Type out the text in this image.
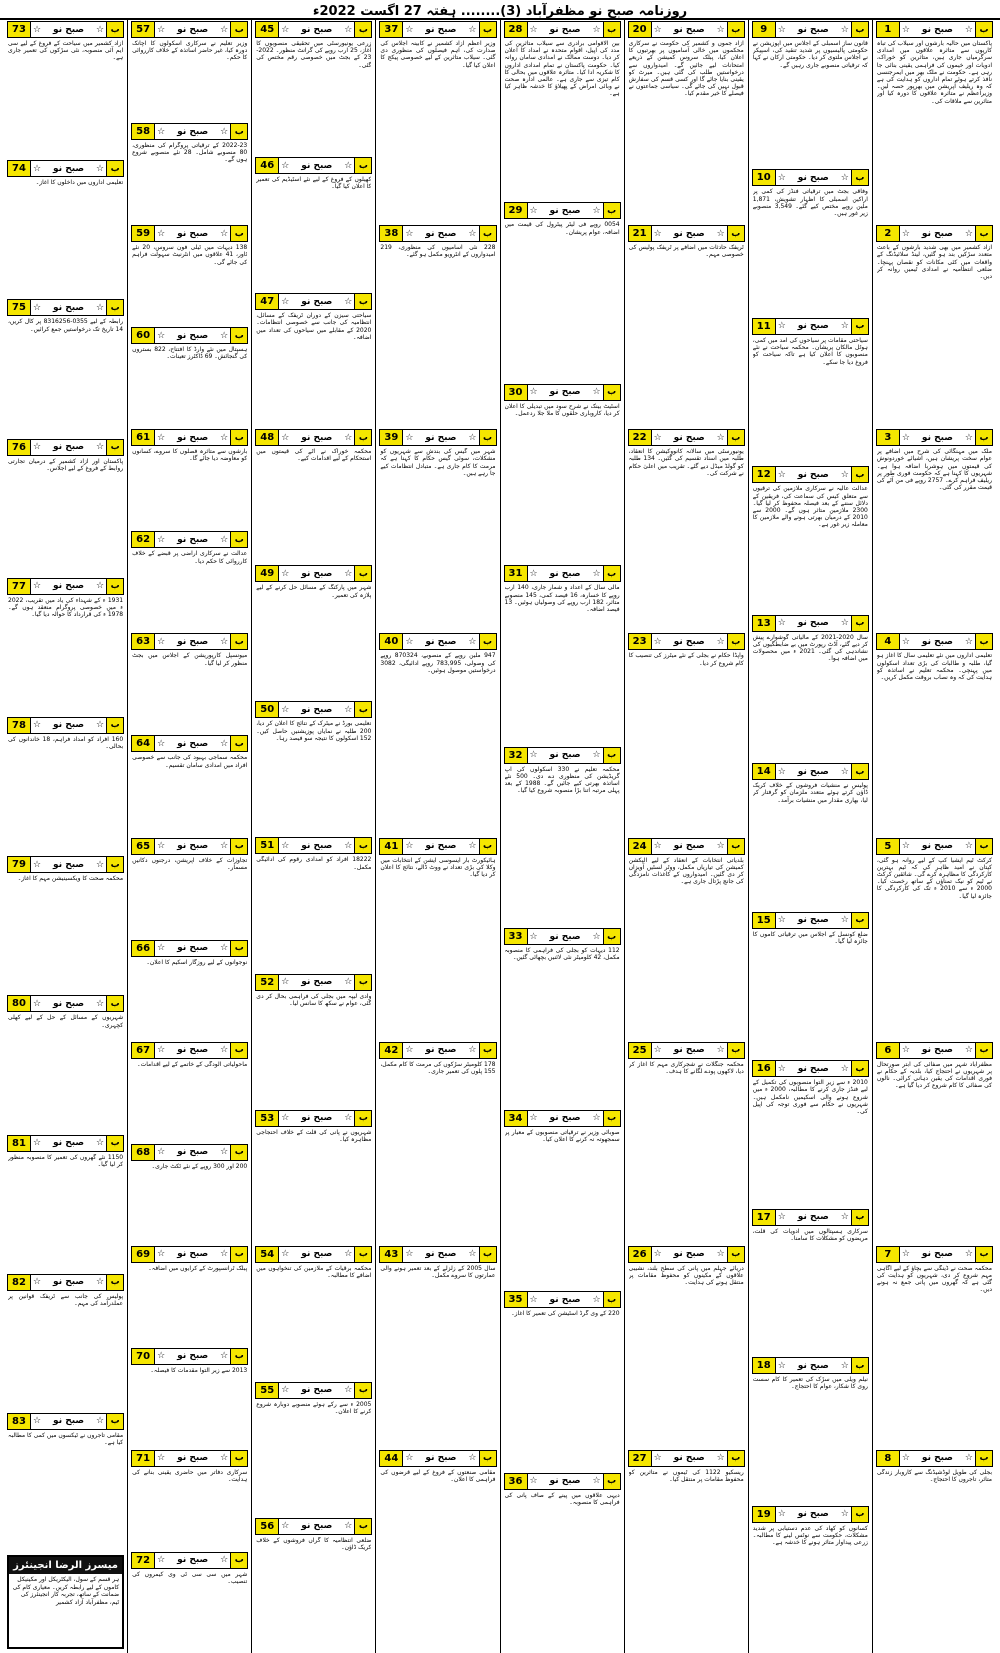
روزنامہ صبح نو مظفرآباد (3)........ ہفتہ 27 اگست 2022ء
1	☆	صبح نو	☆ ب
پاکستان میں حالیہ بارشوں اور سیلاب کی تباہ کاریوں سے متاثرہ علاقوں میں امدادی سرگرمیاں جاری ہیں، متاثرین کو خوراک، ادویات اور خیموں کی فراہمی یقینی بنائی جا رہی ہے۔ حکومت نے ملک بھر میں ایمرجنسی نافذ کرتے ہوئے تمام اداروں کو ہدایت کی ہے کہ وہ ریلیف آپریشن میں بھرپور حصہ لیں۔ وزیراعظم نے متاثرہ علاقوں کا دورہ کیا اور متاثرین سے ملاقات کی۔
2	☆	صبح نو	☆ ب
آزاد کشمیر میں بھی شدید بارشوں کے باعث متعدد سڑکیں بند ہو گئیں، لینڈ سلائیڈنگ کے واقعات میں کئی مکانات کو نقصان پہنچا۔ ضلعی انتظامیہ نے امدادی ٹیمیں روانہ کر دیں۔
3	☆	صبح نو	☆ ب
ملک میں مہنگائی کی شرح میں اضافے پر عوام سخت پریشان ہیں، اشیائے خوردونوش کی قیمتوں میں ہوشربا اضافہ ہوا ہے۔ شہریوں کا کہنا ہے کہ حکومت فوری طور پر ریلیف فراہم کرے۔ 2757 روپے فی من آٹے کی قیمت مقرر کی گئی۔
4	☆	صبح نو	☆ ب
تعلیمی اداروں میں نئے تعلیمی سال کا آغاز ہو گیا، طلبہ و طالبات کی بڑی تعداد اسکولوں میں پہنچی۔ محکمہ تعلیم نے اساتذہ کو ہدایت کی کہ وہ نصاب بروقت مکمل کریں۔
5	☆	صبح نو	☆ ب
کرکٹ ٹیم ایشیا کپ کے لیے روانہ ہو گئی، کپتان نے امید ظاہر کی کہ ٹیم بہترین کارکردگی کا مظاہرہ کرے گی۔ شائقین کرکٹ نے ٹیم کو نیک تمناؤں کے ساتھ رخصت کیا۔ 2000 ء سے 2010 ء تک کی کارکردگی کا جائزہ لیا گیا۔
6	☆	صبح نو	☆ ب
مظفرآباد شہر میں صفائی کی ابتر صورتحال پر شہریوں نے احتجاج کیا، بلدیہ کے حکام نے فوری اقدامات کی یقین دہانی کرائی۔ نالوں کی صفائی کا کام شروع کر دیا گیا ہے۔
7	☆	صبح نو	☆ ب
محکمہ صحت نے ڈینگی سے بچاؤ کے لیے آگاہی مہم شروع کر دی، شہریوں کو ہدایت کی گئی ہے کہ گھروں میں پانی جمع نہ ہونے دیں۔
8	☆	صبح نو	☆ ب
بجلی کی طویل لوڈشیڈنگ سے کاروبار زندگی متاثر، تاجروں کا احتجاج۔
9	☆	صبح نو	☆ ب
قانون ساز اسمبلی کے اجلاس میں اپوزیشن نے حکومتی پالیسیوں پر شدید تنقید کی، اسپیکر نے اجلاس ملتوی کر دیا۔ حکومتی ارکان نے کہا کہ ترقیاتی منصوبے جاری رہیں گے۔
10 ☆	صبح نو	☆ ب
وفاقی بجٹ میں ترقیاتی فنڈز کی کمی پر اراکین اسمبلی کا اظہار تشویش، 1,871 ملین روپے مختص کیے گئے۔ 3,549 منصوبے زیر غور ہیں۔
11 ☆	صبح نو	☆ ب
سیاحتی مقامات پر سیاحوں کی آمد میں کمی، ہوٹل مالکان پریشان۔ محکمہ سیاحت نے نئے منصوبوں کا اعلان کیا ہے تاکہ سیاحت کو فروغ دیا جا سکے۔
12 ☆	صبح نو	☆ ب
عدالت عالیہ نے سرکاری ملازمین کی ترقیوں سے متعلق کیس کی سماعت کی، فریقین کے دلائل سننے کے بعد فیصلہ محفوظ کر لیا گیا۔ 2300 ملازمین متاثر ہوں گے۔ 2000 سے 2010 کے درمیان بھرتی ہونے والے ملازمین کا معاملہ زیر غور ہے۔
13 ☆	صبح نو	☆ ب
سال 2020-2021 کے مالیاتی گوشوارے پیش کر دیے گئے، آڈٹ رپورٹ میں بے ضابطگیوں کی نشاندہی کی گئی۔ 2021 ء میں محصولات میں اضافہ ہوا۔
14 ☆	صبح نو	☆ ب
پولیس نے منشیات فروشوں کے خلاف کریک ڈاؤن کرتے ہوئے متعدد ملزمان کو گرفتار کر لیا، بھاری مقدار میں منشیات برآمد۔
15 ☆	صبح نو	☆ ب
ضلع کونسل کے اجلاس میں ترقیاتی کاموں کا جائزہ لیا گیا۔
16 ☆	صبح نو	☆ ب
2010 ء سے زیر التوا منصوبوں کی تکمیل کے لیے فنڈز جاری کرنے کا مطالبہ، 2000 ء میں شروع ہونے والی اسکیمیں نامکمل ہیں۔ شہریوں نے حکام سے فوری توجہ کی اپیل کی۔
17 ☆	صبح نو	☆ ب
سرکاری ہسپتالوں میں ادویات کی قلت، مریضوں کو مشکلات کا سامنا۔
18 ☆	صبح نو	☆ ب
نیلم ویلی میں سڑک کی تعمیر کا کام سست روی کا شکار، عوام کا احتجاج۔
19 ☆	صبح نو	☆ ب
کسانوں کو کھاد کی عدم دستیابی پر شدید مشکلات، حکومت سے نوٹس لینے کا مطالبہ۔ زرعی پیداوار متاثر ہونے کا خدشہ ہے۔
20 ☆	صبح نو	☆ ب
آزاد جموں و کشمیر کی حکومت نے سرکاری محکموں میں خالی آسامیوں پر بھرتیوں کا اعلان کیا، پبلک سروس کمیشن کے ذریعے امتحانات لیے جائیں گے۔ امیدواروں سے درخواستیں طلب کی گئی ہیں۔ میرٹ کو یقینی بنایا جائے گا اور کسی قسم کی سفارش قبول نہیں کی جائے گی۔ سیاسی جماعتوں نے فیصلے کا خیر مقدم کیا۔
21 ☆	صبح نو	☆ ب
ٹریفک حادثات میں اضافے پر ٹریفک پولیس کی خصوصی مہم۔
22 ☆	صبح نو	☆ ب
یونیورسٹی میں سالانہ کانووکیشن کا انعقاد، طلبہ میں اسناد تقسیم کی گئیں۔ 134 طلبہ کو گولڈ میڈل دیے گئے۔ تقریب میں اعلیٰ حکام نے شرکت کی۔
23 ☆	صبح نو	☆ ب
واپڈا حکام نے بجلی کے نئے میٹرز کی تنصیب کا کام شروع کر دیا۔
24 ☆	صبح نو	☆ ب
بلدیاتی انتخابات کے انعقاد کے لیے الیکشن کمیشن کی تیاریاں مکمل، ووٹر لسٹیں آویزاں کر دی گئیں۔ امیدواروں کے کاغذات نامزدگی کی جانچ پڑتال جاری ہے۔
25 ☆	صبح نو	☆ ب
محکمہ جنگلات نے شجرکاری مہم کا آغاز کر دیا، لاکھوں پودے لگانے کا ہدف۔
26 ☆	صبح نو	☆ ب
دریائے جہلم میں پانی کی سطح بلند، نشیبی علاقوں کے مکینوں کو محفوظ مقامات پر منتقل ہونے کی ہدایت۔
27 ☆	صبح نو	☆ ب
ریسکیو 1122 کی ٹیموں نے متاثرین کو محفوظ مقامات پر منتقل کیا۔
28 ☆	صبح نو	☆ ب
بین الاقوامی برادری سے سیلاب متاثرین کی مدد کی اپیل، اقوام متحدہ نے امداد کا اعلان کر دیا۔ دوست ممالک نے امدادی سامان روانہ کیا۔ حکومت پاکستان نے تمام امدادی اداروں کا شکریہ ادا کیا۔ متاثرہ علاقوں میں بحالی کا کام تیزی سے جاری ہے۔ عالمی ادارہ صحت نے وبائی امراض کے پھیلاؤ کا خدشہ ظاہر کیا ہے۔
29 ☆	صبح نو	☆ ب
0054 روپے فی لیٹر پیٹرول کی قیمت میں اضافہ، عوام پریشان۔
30 ☆	صبح نو	☆ ب
اسٹیٹ بینک نے شرح سود میں تبدیلی کا اعلان کر دیا، کاروباری حلقوں کا ملا جلا ردعمل۔
31 ☆	صبح نو	☆ ب
مالی سال کے اعداد و شمار جاری، 140 ارب روپے کا خسارہ، 16 فیصد کمی، 145 منصوبے متاثر، 182 ارب روپے کی وصولیاں ہوئیں۔ 13 فیصد اضافہ۔
32 ☆	صبح نو	☆ ب
محکمہ تعلیم نے 330 اسکولوں کی اپ گریڈیشن کی منظوری دے دی۔ 500 نئے اساتذہ بھرتی کیے جائیں گے۔ 1988 کے بعد پہلی مرتبہ اتنا بڑا منصوبہ شروع کیا گیا۔
33 ☆	صبح نو	☆ ب
112 دیہات کو بجلی کی فراہمی کا منصوبہ مکمل، 42 کلومیٹر نئی لائنیں بچھائی گئیں۔
34 ☆	صبح نو	☆ ب
صوبائی وزیر نے ترقیاتی منصوبوں کے معیار پر سمجھوتہ نہ کرنے کا اعلان کیا۔
35 ☆	صبح نو	☆ ب
220 کے وی گرڈ اسٹیشن کی تعمیر کا آغاز۔
36 ☆	صبح نو	☆ ب
دیہی علاقوں میں پینے کے صاف پانی کی فراہمی کا منصوبہ۔
37 ☆	صبح نو	☆ ب
وزیر اعظم آزاد کشمیر نے کابینہ اجلاس کی صدارت کی، اہم فیصلوں کی منظوری دی گئی۔ سیلاب متاثرین کے لیے خصوصی پیکج کا اعلان کیا گیا۔
38 ☆	صبح نو	☆ ب
228 نئی آسامیوں کی منظوری، 219 امیدواروں کے انٹرویو مکمل ہو گئے۔
39 ☆	صبح نو	☆ ب
شہر میں گیس کی بندش سے شہریوں کو مشکلات، سوئی گیس حکام کا کہنا ہے کہ مرمت کا کام جاری ہے۔ متبادل انتظامات کیے جا رہے ہیں۔
40 ☆	صبح نو	☆ ب
947 ملین روپے کے منصوبے، 870324 روپے کی وصولی، 783,995 روپے ادائیگی، 3082 درخواستیں موصول ہوئیں۔
41 ☆	صبح نو	☆ ب
ہائیکورٹ بار ایسوسی ایشن کے انتخابات میں وکلا کی بڑی تعداد نے ووٹ ڈالے، نتائج کا اعلان کر دیا گیا۔
42 ☆	صبح نو	☆ ب
178 کلومیٹر سڑکوں کی مرمت کا کام مکمل، 155 پلوں کی تعمیر جاری۔
43 ☆	صبح نو	☆ ب
سال 2005 کے زلزلے کے بعد تعمیر ہونے والی عمارتوں کا سروے مکمل۔
44 ☆	صبح نو	☆ ب
مقامی صنعتوں کے فروغ کے لیے قرضوں کی فراہمی کا اعلان۔
45 ☆	صبح نو	☆ ب
زرعی یونیورسٹی میں تحقیقی منصوبوں کا آغاز، 25 ارب روپے کی گرانٹ منظور۔ 2022-23 کے بجٹ میں خصوصی رقم مختص کی گئی۔
46 ☆	صبح نو	☆ ب
کھیلوں کے فروغ کے لیے نئے اسٹیڈیم کی تعمیر کا اعلان کیا گیا۔
47 ☆	صبح نو	☆ ب
سیاحتی سیزن کے دوران ٹریفک کے مسائل، انتظامیہ کی جانب سے خصوصی انتظامات۔ 2020 کے مقابلے میں سیاحوں کی تعداد میں اضافہ۔
48 ☆	صبح نو	☆ ب
محکمہ خوراک نے آٹے کی قیمتوں میں استحکام کے لیے اقدامات کیے۔
49 ☆	صبح نو	☆ ب
شہر میں پارکنگ کے مسائل حل کرنے کے لیے پلازہ کی تعمیر۔
50 ☆	صبح نو	☆ ب
تعلیمی بورڈ نے میٹرک کے نتائج کا اعلان کر دیا، 200 طلبہ نے نمایاں پوزیشنیں حاصل کیں۔ 152 اسکولوں کا نتیجہ سو فیصد رہا۔
51 ☆	صبح نو	☆ ب
18222 افراد کو امدادی رقوم کی ادائیگی مکمل۔
52 ☆	صبح نو	☆ ب
وادی لیپہ میں بجلی کی فراہمی بحال کر دی گئی، عوام نے سکھ کا سانس لیا۔
53 ☆	صبح نو	☆ ب
شہریوں نے پانی کی قلت کے خلاف احتجاجی مظاہرہ کیا۔
54 ☆	صبح نو	☆ ب
محکمہ برقیات کے ملازمین کی تنخواہوں میں اضافے کا مطالبہ۔
55 ☆	صبح نو	☆ ب
2005 ء سے رکے ہوئے منصوبے دوبارہ شروع کرنے کا اعلان۔
56 ☆	صبح نو	☆ ب
ضلعی انتظامیہ کا گراں فروشوں کے خلاف کریک ڈاؤن۔
57 ☆	صبح نو	☆ ب
وزیر تعلیم نے سرکاری اسکولوں کا اچانک دورہ کیا، غیر حاضر اساتذہ کے خلاف کارروائی کا حکم۔
58 ☆	صبح نو	☆ ب
2022-23 کے ترقیاتی پروگرام کی منظوری، 80 منصوبے شامل۔ 28 نئے منصوبے شروع ہوں گے۔
59 ☆	صبح نو	☆ ب
138 دیہات میں ٹیلی فون سروس، 20 نئے ٹاور، 41 علاقوں میں انٹرنیٹ سہولت فراہم کی جائے گی۔
60 ☆	صبح نو	☆ ب
ہسپتال میں نئے وارڈ کا افتتاح، 822 بستروں کی گنجائش۔ 69 ڈاکٹرز تعینات۔
61 ☆	صبح نو	☆ ب
بارشوں سے متاثرہ فصلوں کا سروے، کسانوں کو معاوضہ دیا جائے گا۔
62 ☆	صبح نو	☆ ب
عدالت نے سرکاری اراضی پر قبضے کے خلاف کارروائی کا حکم دیا۔
63 ☆	صبح نو	☆ ب
میونسپل کارپوریشن کے اجلاس میں بجٹ منظور کر لیا گیا۔
64 ☆	صبح نو	☆ ب
محکمہ سماجی بہبود کی جانب سے خصوصی افراد میں امدادی سامان تقسیم۔
65 ☆	صبح نو	☆ ب
تجاوزات کے خلاف آپریشن، درجنوں دکانیں مسمار۔
66 ☆	صبح نو	☆ ب
نوجوانوں کے لیے روزگار اسکیم کا اعلان۔
67 ☆	صبح نو	☆ ب
ماحولیاتی آلودگی کے خاتمے کے لیے اقدامات۔
68 ☆	صبح نو	☆ ب
200 اور 300 روپے کے نئے ٹکٹ جاری۔
69 ☆	صبح نو	☆ ب
پبلک ٹرانسپورٹ کے کرایوں میں اضافہ۔
70 ☆	صبح نو	☆ ب
2013 سے زیر التوا مقدمات کا فیصلہ۔
71 ☆	صبح نو	☆ ب
سرکاری دفاتر میں حاضری یقینی بنانے کی ہدایت۔
72 ☆	صبح نو	☆ ب
شہر میں سی سی ٹی وی کیمروں کی تنصیب۔
73 ☆	صبح نو	☆ ب
آزاد کشمیر میں سیاحت کے فروغ کے لیے سی ایم آئی منصوبہ، نئی سڑکوں کی تعمیر جاری ہے۔
74 ☆	صبح نو	☆ ب
تعلیمی اداروں میں داخلوں کا آغاز۔
75 ☆	صبح نو	☆ ب
رابطہ کے لیے 0355-8316256 پر کال کریں، 14 تاریخ تک درخواستیں جمع کرائیں۔
76 ☆	صبح نو	☆ ب
پاکستان اور آزاد کشمیر کے درمیان تجارتی روابط کے فروغ کے لیے اجلاس۔
77 ☆	صبح نو	☆ ب
1931 ء کے شہداء کی یاد میں تقریب، 2022 ء میں خصوصی پروگرام منعقد ہوں گے۔ 1978 ء کی قرارداد کا حوالہ دیا گیا۔
78 ☆	صبح نو	☆ ب
160 افراد کو امداد فراہم، 18 خاندانوں کی بحالی۔
79 ☆	صبح نو	☆ ب
محکمہ صحت کا ویکسینیشن مہم کا آغاز۔
80 ☆	صبح نو	☆ ب
شہریوں کے مسائل کے حل کے لیے کھلی کچہری۔
81 ☆	صبح نو	☆ ب
1150 نئے گھروں کی تعمیر کا منصوبہ منظور کر لیا گیا۔
82 ☆	صبح نو	☆ ب
پولیس کی جانب سے ٹریفک قوانین پر عملدرآمد کی مہم۔
83 ☆	صبح نو	☆ ب
مقامی تاجروں نے ٹیکسوں میں کمی کا مطالبہ کیا ہے۔
میسرز الرضا انجینئرز
ہر قسم کے سول، الیکٹریکل اور مکینیکل کاموں کے لیے رابطہ کریں۔ معیاری کام کی ضمانت کے ساتھ، تجربہ کار انجینئرز کی ٹیم، مظفرآباد آزاد کشمیر
